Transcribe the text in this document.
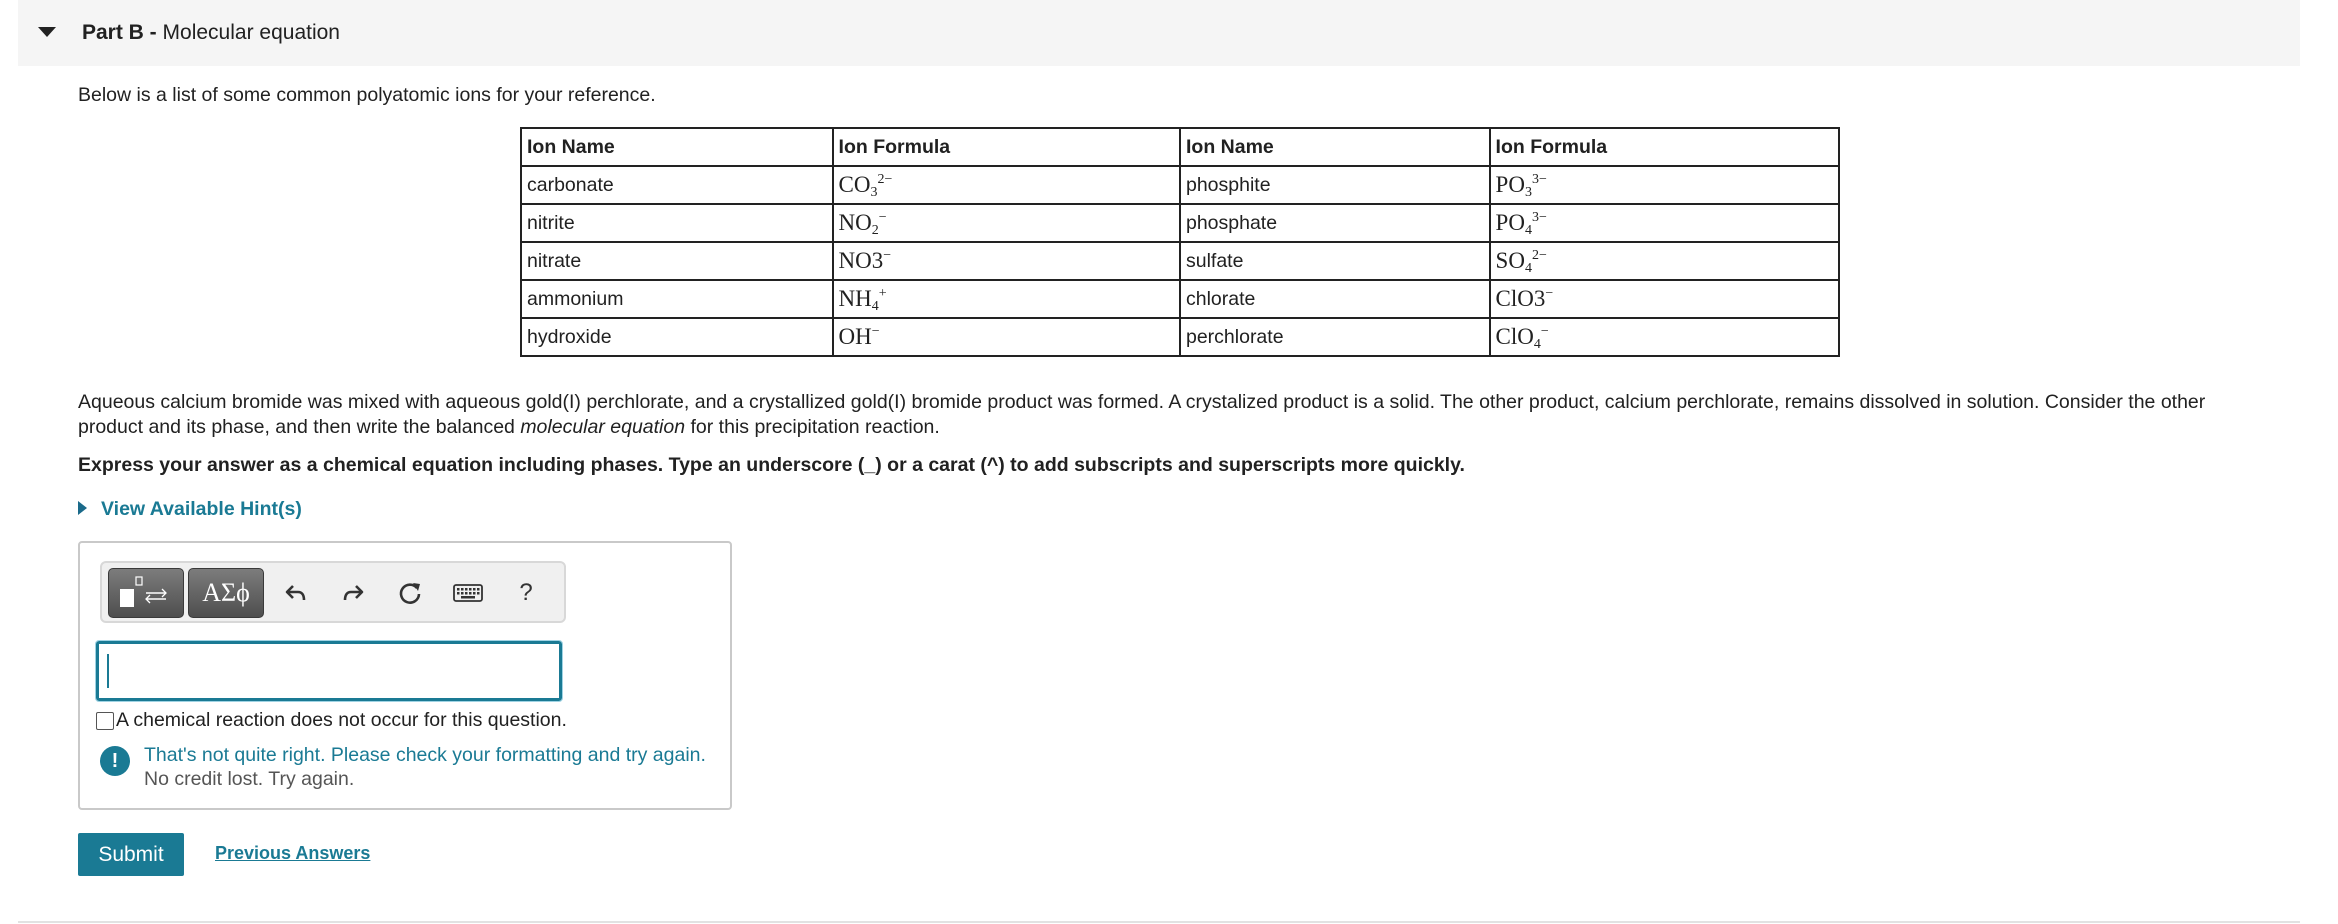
Part B - Molecular equation
Below is a list of some common polyatomic ions for your reference.
Ion Name	Ion Formula	Ion Name	Ion Formula
carbonate	$CO_3^{2-}$	phosphite	$PO_3^{3-}$
nitrite	$NO_2^-$	phosphate	$PO_4^{3-}$
nitrate	NO3−	sulfate	$SO_4^{2-}$
ammonium	$NH_4^+$	chlorate	ClO3−
hydroxide	OH−	perchlorate	ClO$_4$−
Aqueous calcium bromide was mixed with aqueous gold(I) perchlorate, and a crystallized gold(I) bromide product was formed. A crystalized product is a solid. The other product, calcium perchlorate, remains dissolved in solution. Consider the other product and its phase, and then write the balanced molecular equation for this precipitation reaction.
Express your answer as a chemical equation including phases. Type an underscore (_) or a carat (^) to add subscripts and superscripts more quickly.
View Available Hint(s)
ΑΣϕ	?
A chemical reaction does not occur for this question.
!	That's not quite right. Please check your formatting and try again.
No credit lost. Try again.
Submit	Previous Answers
